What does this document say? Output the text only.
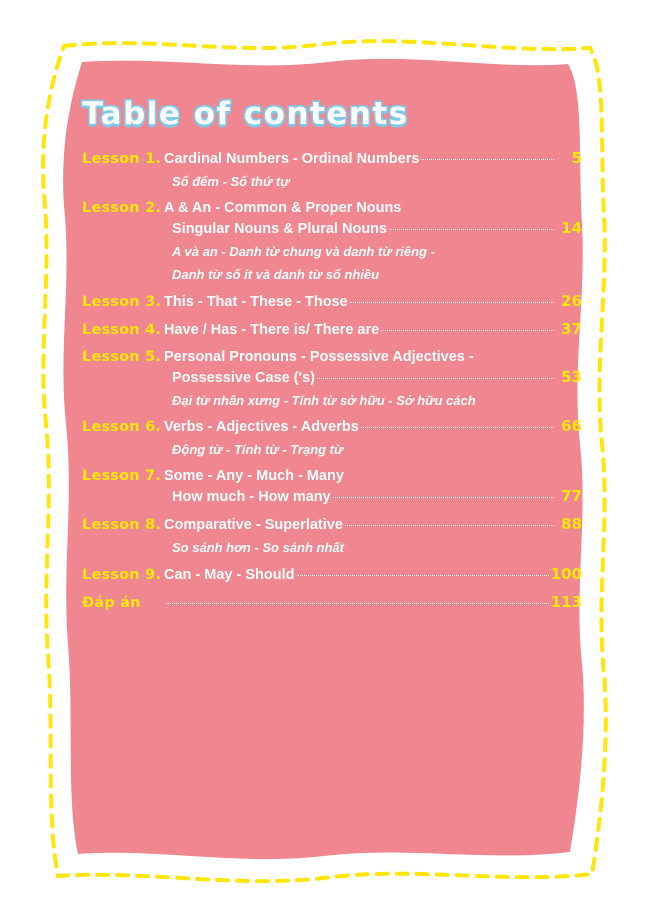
Table of contents
Lesson 1. Cardinal Numbers - Ordinal Numbers	5
Số đếm - Số thứ tự
Lesson 2. A & An - Common & Proper Nouns
Singular Nouns & Plural Nouns	14
A và an - Danh từ chung và danh từ riêng -
Danh từ số ít và danh từ số nhiều
Lesson 3. This - That - These - Those	26
Lesson 4. Have / Has - There is/ There are	37
Lesson 5. Personal Pronouns - Possessive Adjectives -
Possessive Case ('s)	53
Đại từ nhân xưng - Tính từ sở hữu - Sở hữu cách
Lesson 6. Verbs - Adjectives - Adverbs	66
Động từ - Tính từ - Trạng từ
Lesson 7. Some - Any - Much - Many
How much - How many	77
Lesson 8. Comparative - Superlative	88
So sánh hơn - So sánh nhất
Lesson 9. Can - May - Should	100
Đáp án	113
